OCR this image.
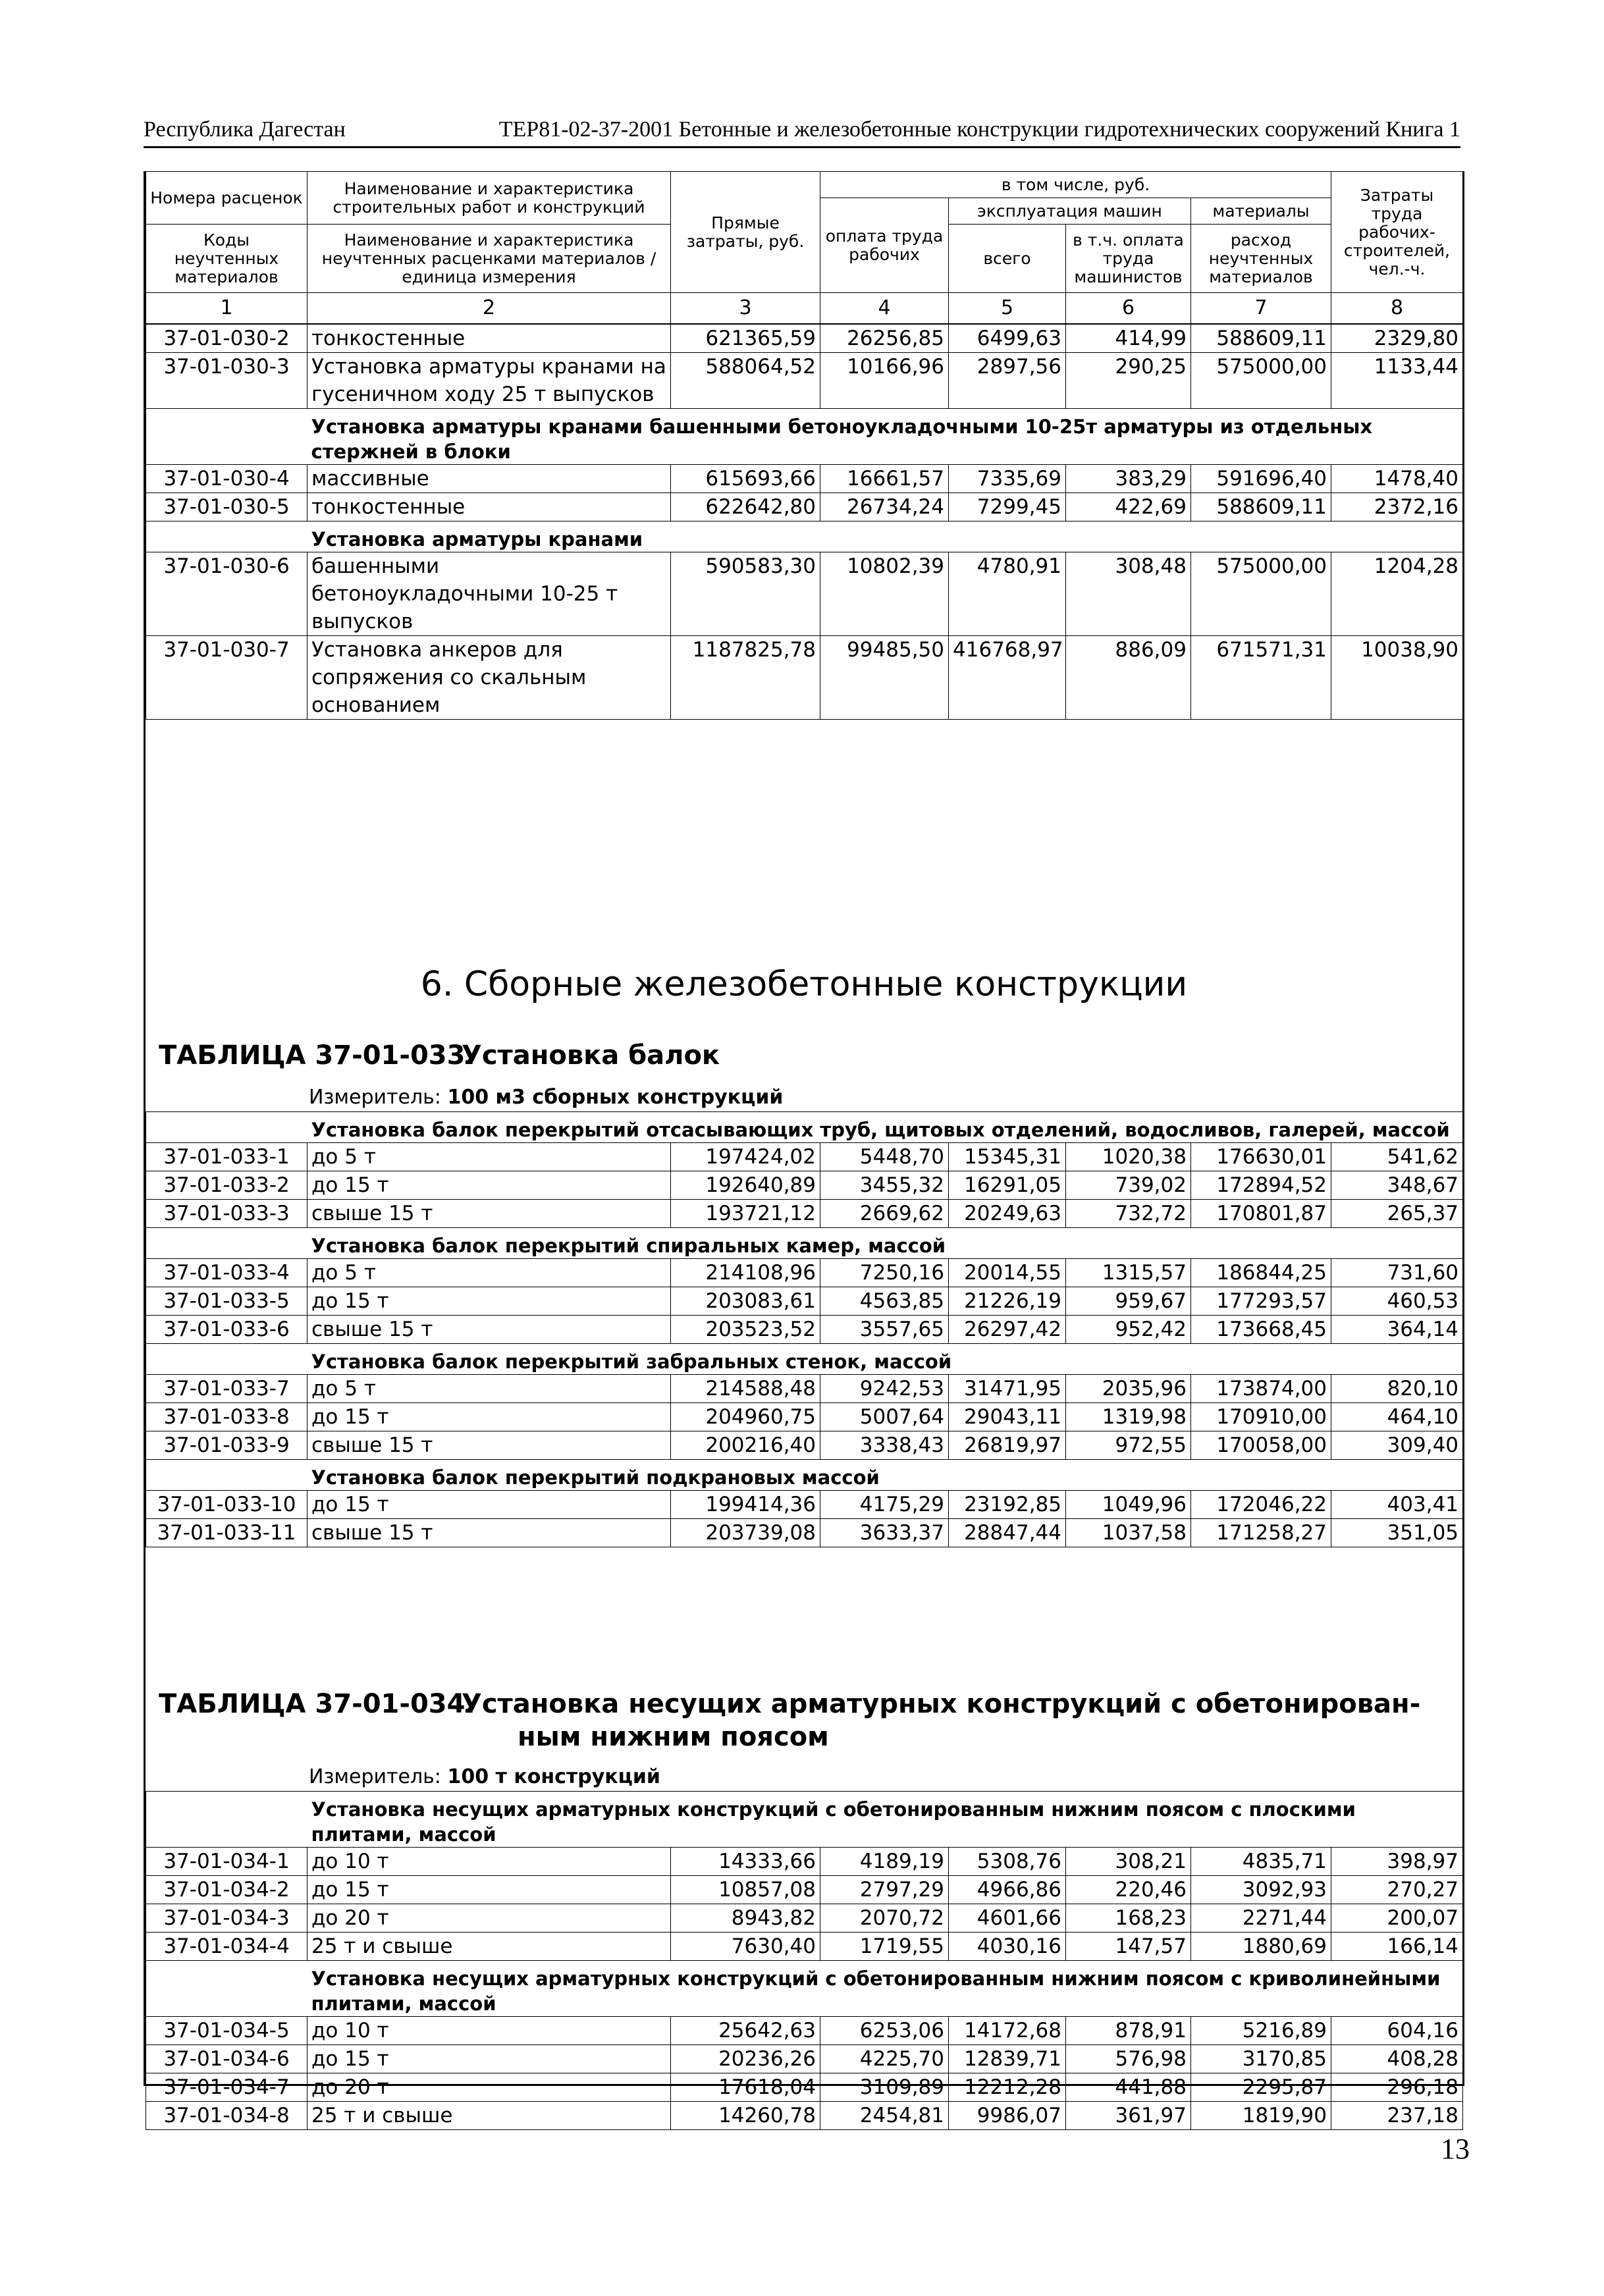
Республика Дагестан	ТЕР81-02-37-2001 Бетонные и железобетонные конструкции гидротехнических сооружений Книга 1
Номера расценок	Наименование и характеристика строительных работ и конструкций	Прямые затраты, руб.	в том числе, руб.				Затраты труда рабочих-строителей, чел.-ч.
			оплата труда рабочих	эксплуатация машин		материалы	
Коды неучтенных материалов	Наименование и характеристика неучтенных расценками материалов / единица измерения			всего	в т.ч. оплата труда машинистов	расход неучтенных материалов	

1	2	3	4	5	6	7	8
37-01-030-2	тонкостенные	621365,59	26256,85	6499,63	414,99	588609,11	2329,80
37-01-030-3	Установка арматуры кранами на гусеничном ходу 25 т выпусков	588064,52	10166,96	2897,56	290,25	575000,00	1133,44
	Установка арматуры кранами башенными бетоноукладочными 10-25т арматуры из отдельных стержней в блоки						
37-01-030-4	массивные	615693,66	16661,57	7335,69	383,29	591696,40	1478,40
37-01-030-5	тонкостенные	622642,80	26734,24	7299,45	422,69	588609,11	2372,16
	Установка арматуры кранами						
37-01-030-6	башенными бетоноукладочными 10-25 т выпусков	590583,30	10802,39	4780,91	308,48	575000,00	1204,28
37-01-030-7	Установка анкеров для сопряжения со скальным основанием	1187825,78	99485,50	416768,97	886,09	671571,31	10038,90
6. Сборные железобетонные конструкции
ТАБЛИЦА 37-01-033.Установка балок
Измеритель: 100 м3 сборных конструкций
	Установка балок перекрытий отсасывающих труб, щитовых отделений, водосливов, галерей, массой						
37-01-033-1	до 5 т	197424,02	5448,70	15345,31	1020,38	176630,01	541,62
37-01-033-2	до 15 т	192640,89	3455,32	16291,05	739,02	172894,52	348,67
37-01-033-3	свыше 15 т	193721,12	2669,62	20249,63	732,72	170801,87	265,37
	Установка балок перекрытий спиральных камер, массой						
37-01-033-4	до 5 т	214108,96	7250,16	20014,55	1315,57	186844,25	731,60
37-01-033-5	до 15 т	203083,61	4563,85	21226,19	959,67	177293,57	460,53
37-01-033-6	свыше 15 т	203523,52	3557,65	26297,42	952,42	173668,45	364,14
	Установка балок перекрытий забральных стенок, массой						
37-01-033-7	до 5 т	214588,48	9242,53	31471,95	2035,96	173874,00	820,10
37-01-033-8	до 15 т	204960,75	5007,64	29043,11	1319,98	170910,00	464,10
37-01-033-9	свыше 15 т	200216,40	3338,43	26819,97	972,55	170058,00	309,40
	Установка балок перекрытий подкрановых массой						
37-01-033-10	до 15 т	199414,36	4175,29	23192,85	1049,96	172046,22	403,41
37-01-033-11	свыше 15 т	203739,08	3633,37	28847,44	1037,58	171258,27	351,05
ТАБЛИЦА 37-01-034.Установка несущих арматурных конструкций с обетонирован-
ным нижним поясом
Измеритель: 100 т конструкций
	Установка несущих арматурных конструкций с обетонированным нижним поясом с плоскими плитами, массой						
37-01-034-1	до 10 т	14333,66	4189,19	5308,76	308,21	4835,71	398,97
37-01-034-2	до 15 т	10857,08	2797,29	4966,86	220,46	3092,93	270,27
37-01-034-3	до 20 т	8943,82	2070,72	4601,66	168,23	2271,44	200,07
37-01-034-4	25 т и свыше	7630,40	1719,55	4030,16	147,57	1880,69	166,14
	Установка несущих арматурных конструкций с обетонированным нижним поясом с криволинейными плитами, массой						
37-01-034-5	до 10 т	25642,63	6253,06	14172,68	878,91	5216,89	604,16
37-01-034-6	до 15 т	20236,26	4225,70	12839,71	576,98	3170,85	408,28
37-01-034-7	до 20 т	17618,04	3109,89	12212,28	441,88	2295,87	296,18
37-01-034-8	25 т и свыше	14260,78	2454,81	9986,07	361,97	1819,90	237,18
13
